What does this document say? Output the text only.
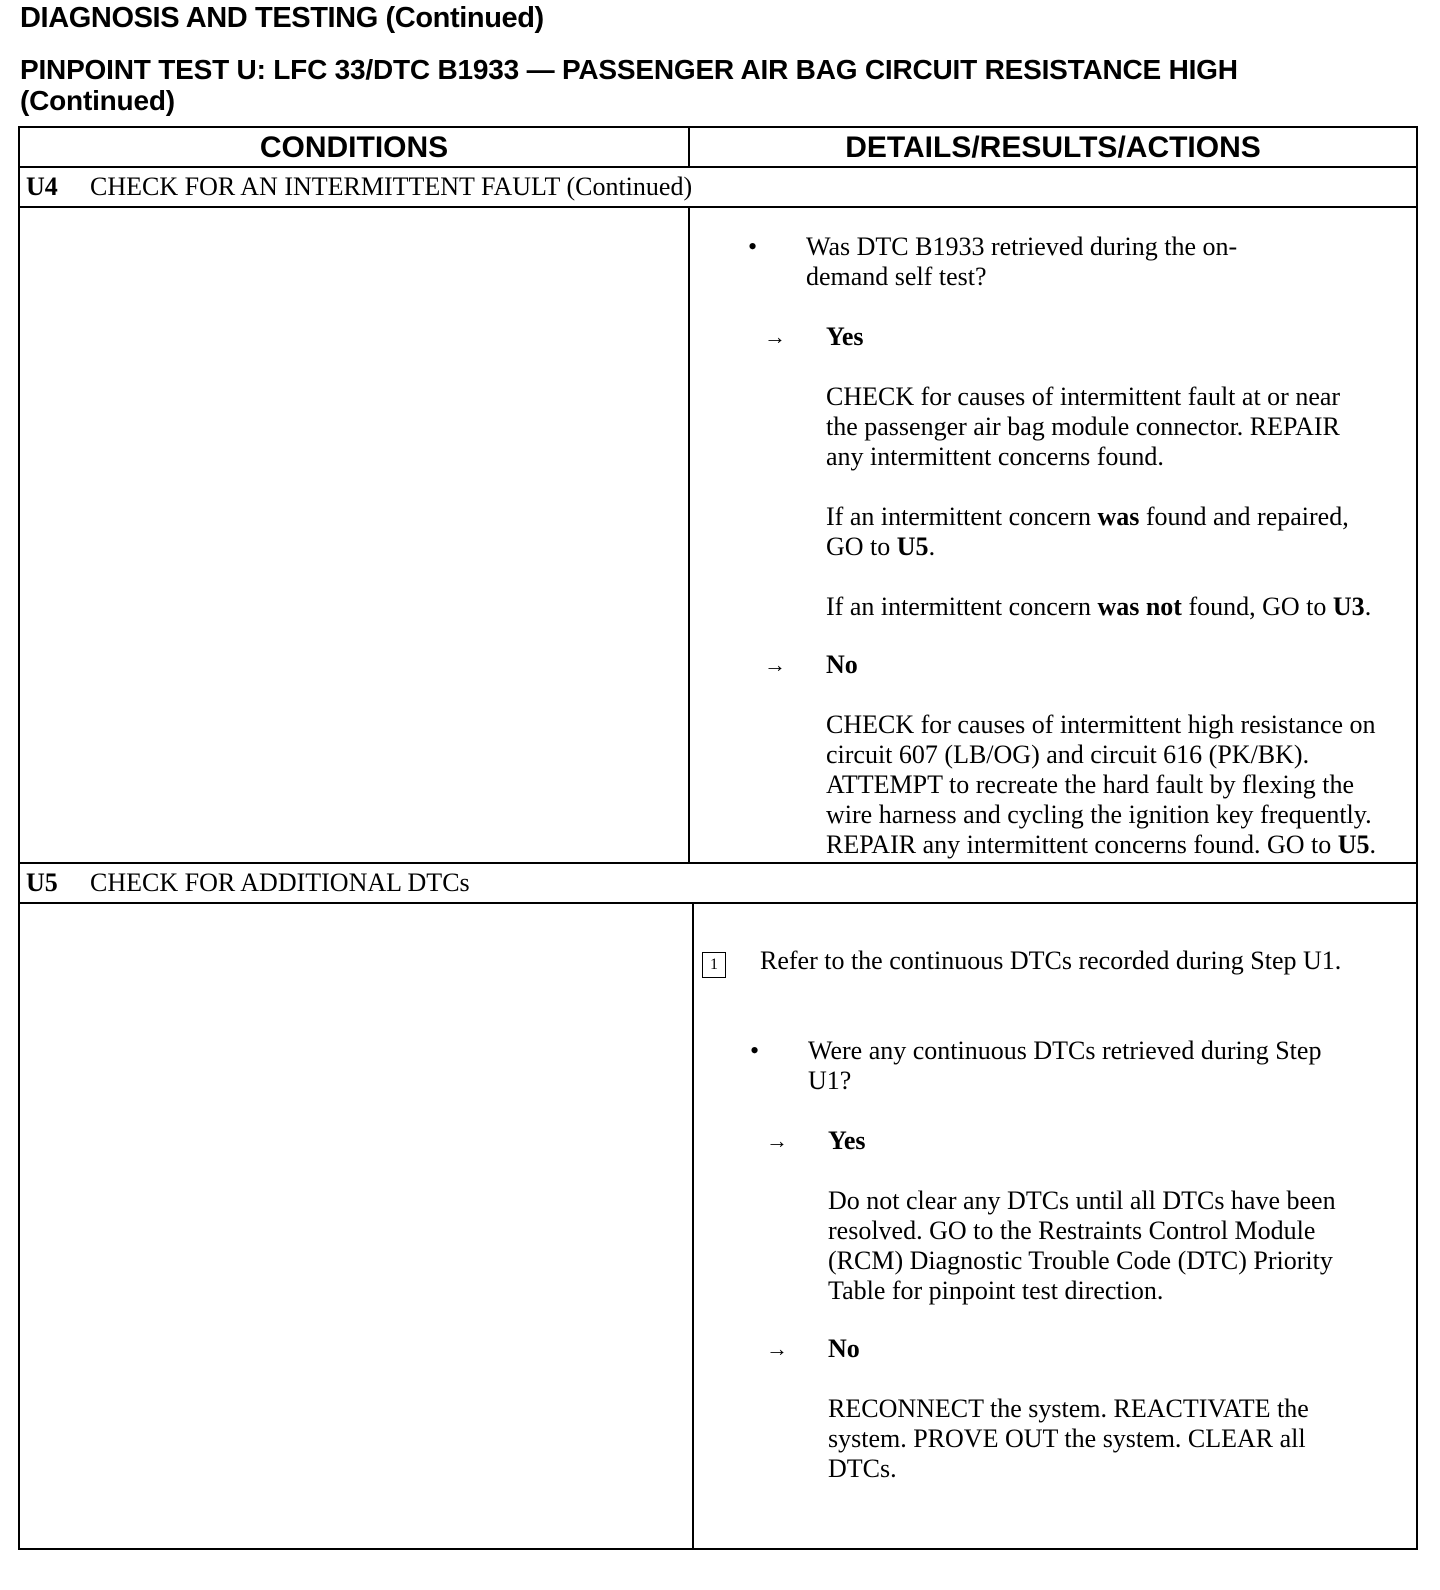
DIAGNOSIS AND TESTING (Continued)
PINPOINT TEST U: LFC 33/DTC B1933 — PASSENGER AIR BAG CIRCUIT RESISTANCE HIGH
(Continued)
CONDITIONS	DETAILS/RESULTS/ACTIONS
U4 CHECK FOR AN INTERMITTENT FAULT (Continued)
• Was DTC B1933 retrieved during the on-demand self test?
→ Yes
CHECK for causes of intermittent fault at or near the passenger air bag module connector. REPAIR any intermittent concerns found.
If an intermittent concern was found and repaired, GO to U5.
If an intermittent concern was not found, GO to U3.
→ No
CHECK for causes of intermittent high resistance on circuit 607 (LB/OG) and circuit 616 (PK/BK). ATTEMPT to recreate the hard fault by flexing the wire harness and cycling the ignition key frequently. REPAIR any intermittent concerns found. GO to U5.
U5 CHECK FOR ADDITIONAL DTCs
1	Refer to the continuous DTCs recorded during Step U1.
• Were any continuous DTCs retrieved during Step U1?
→ Yes
Do not clear any DTCs until all DTCs have been resolved. GO to the Restraints Control Module (RCM) Diagnostic Trouble Code (DTC) Priority Table for pinpoint test direction.
→ No
RECONNECT the system. REACTIVATE the system. PROVE OUT the system. CLEAR all DTCs.
